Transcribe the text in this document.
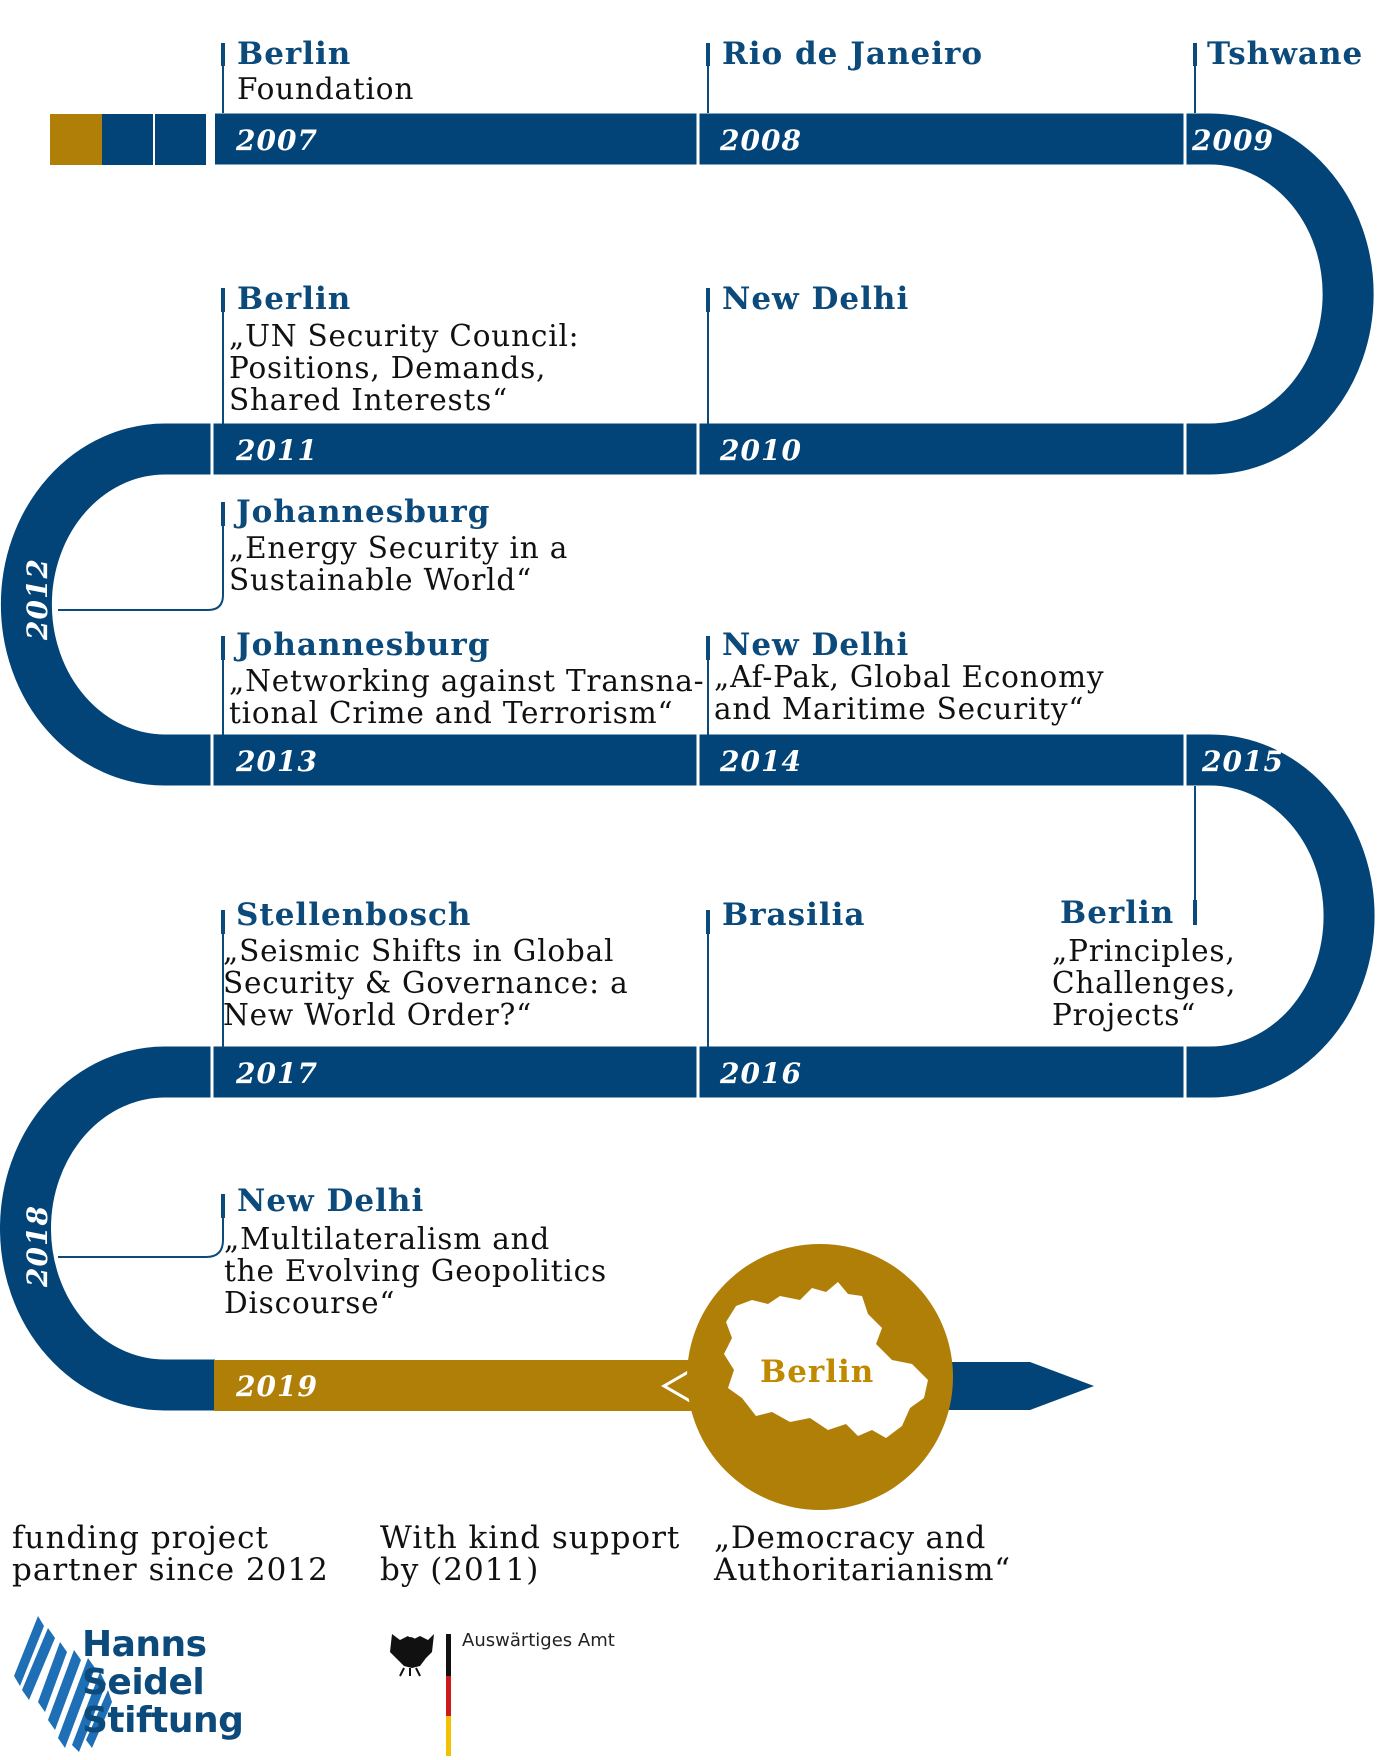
2007	2008	2009
2010
2011
2012
2013	2014	2015
2016
2017
2018
2019
Berlin
Foundation
Rio de Janeiro	Tshwane
Berlin
„UN Security Council:
Positions, Demands,
Shared Interests“
New Delhi
Johannesburg
„Energy Security in a
Sustainable World“
Johannesburg
„Networking against Transna-
tional Crime and Terrorism“
New Delhi
„Af-Pak, Global Economy
and Maritime Security“
Berlin
„Principles,
Challenges,
Projects“
Stellenbosch
„Seismic Shifts in Global
Security & Governance: a
New World Order?“
Brasilia
New Delhi
„Multilateralism and
the Evolving Geopolitics
Discourse“
Berlin
„Democracy and
Authoritarianism“
funding project
partner since 2012
With kind support
by (2011)
Hanns
Seidel
Stiftung
Auswärtiges Amt
